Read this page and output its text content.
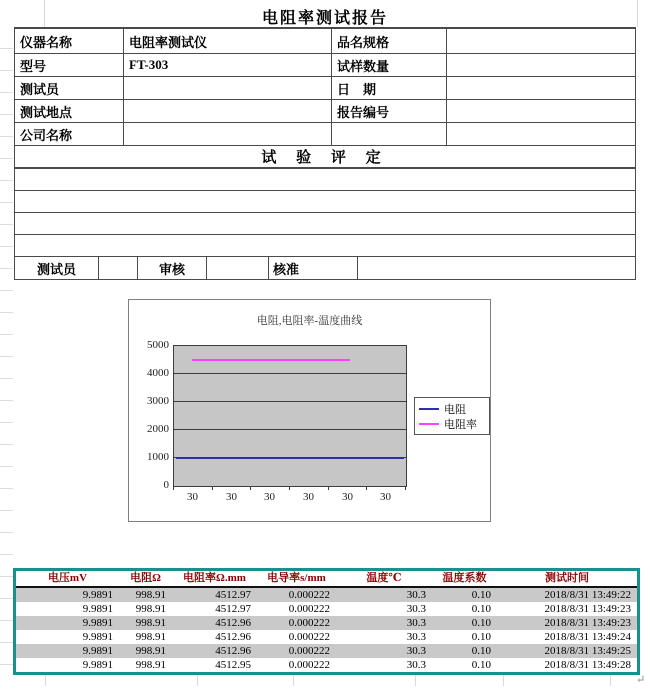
电阻率测试报告
仪器名称	电阻率测试仪	品名规格
型号	FT-303	试样数量
测试员	日　期
测试地点	报告编号
公司名称
试 验 评 定
测试员	审核	核准
电阻,电阻率-温度曲线
5000
4000
3000
2000
1000
0
30	30	30	30	30	30
电阻
电阻率
电压mV	电阻Ω	电阻率Ω.mm	电导率s/mm	温度℃	温度系数	测试时间
9.9891	998.91	4512.97	0.000222	30.3	0.10	2018/8/31 13:49:22
9.9891	998.91	4512.97	0.000222	30.3	0.10	2018/8/31 13:49:23
9.9891	998.91	4512.96	0.000222	30.3	0.10	2018/8/31 13:49:23
9.9891	998.91	4512.96	0.000222	30.3	0.10	2018/8/31 13:49:24
9.9891	998.91	4512.96	0.000222	30.3	0.10	2018/8/31 13:49:25
9.9891	998.91	4512.95	0.000222	30.3	0.10	2018/8/31 13:49:28
↵
